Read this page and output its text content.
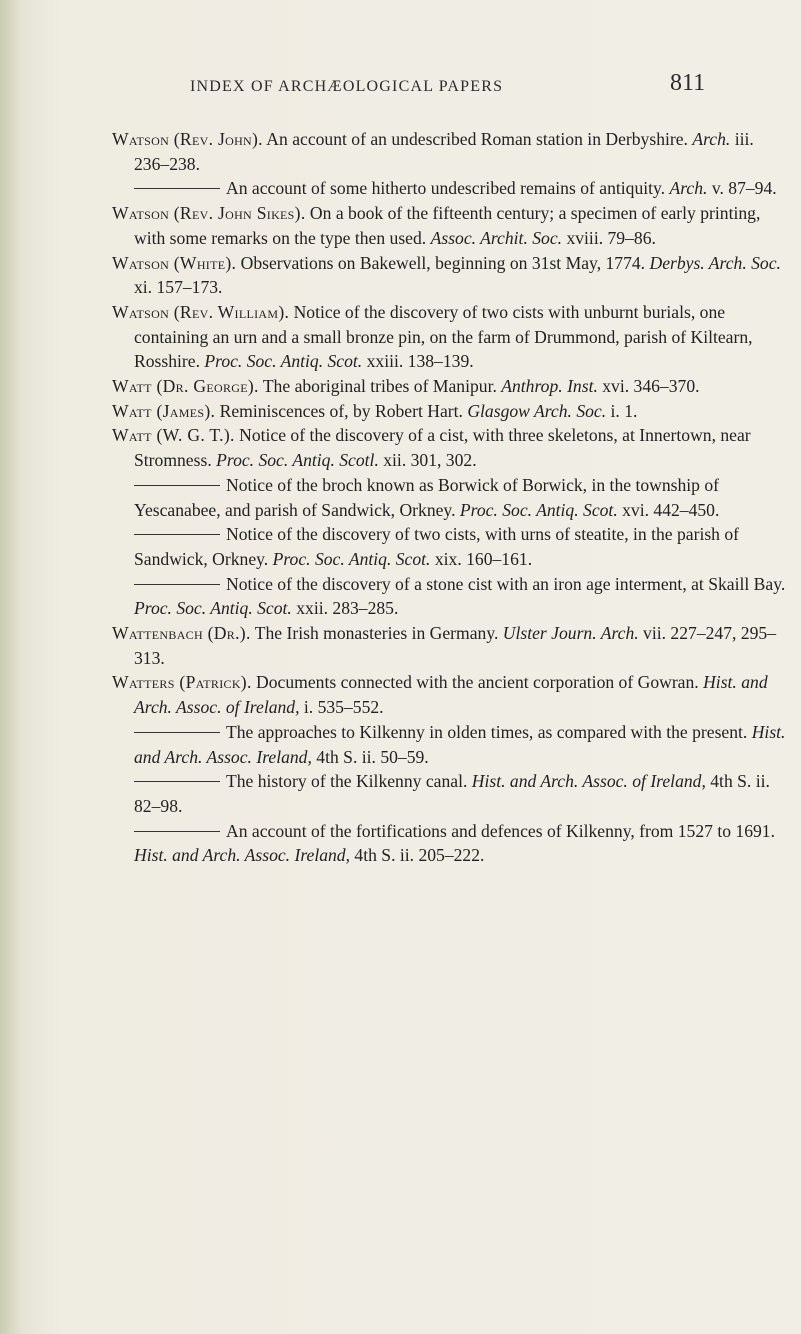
INDEX OF ARCHÆOLOGICAL PAPERS	811

Watson (Rev. John). An account of an undescribed Roman station in Derbyshire. Arch. iii. 236–238.

An account of some hitherto undescribed remains of antiquity. Arch. v. 87–94.

Watson (Rev. John Sikes). On a book of the fifteenth century; a specimen of early printing, with some remarks on the type then used. Assoc. Archit. Soc. xviii. 79–86.

Watson (White). Observations on Bakewell, beginning on 31st May, 1774. Derbys. Arch. Soc. xi. 157–173.

Watson (Rev. William). Notice of the discovery of two cists with unburnt burials, one containing an urn and a small bronze pin, on the farm of Drummond, parish of Kiltearn, Rosshire. Proc. Soc. Antiq. Scot. xxiii. 138–139.

Watt (Dr. George). The aboriginal tribes of Manipur. Anthrop. Inst. xvi. 346–370.

Watt (James). Reminiscences of, by Robert Hart. Glasgow Arch. Soc. i. 1.

Watt (W. G. T.). Notice of the discovery of a cist, with three skeletons, at Innertown, near Stromness. Proc. Soc. Antiq. Scotl. xii. 301, 302.

Notice of the broch known as Borwick of Borwick, in the township of Yescanabee, and parish of Sandwick, Orkney. Proc. Soc. Antiq. Scot. xvi. 442–450.

Notice of the discovery of two cists, with urns of steatite, in the parish of Sandwick, Orkney. Proc. Soc. Antiq. Scot. xix. 160–161.

Notice of the discovery of a stone cist with an iron age interment, at Skaill Bay. Proc. Soc. Antiq. Scot. xxii. 283–285.

Wattenbach (Dr.). The Irish monasteries in Germany. Ulster Journ. Arch. vii. 227–247, 295–313.

Watters (Patrick). Documents connected with the ancient corporation of Gowran. Hist. and Arch. Assoc. of Ireland, i. 535–552.

The approaches to Kilkenny in olden times, as compared with the present. Hist. and Arch. Assoc. Ireland, 4th S. ii. 50–59.

The history of the Kilkenny canal. Hist. and Arch. Assoc. of Ireland, 4th S. ii. 82–98.

An account of the fortifications and defences of Kilkenny, from 1527 to 1691. Hist. and Arch. Assoc. Ireland, 4th S. ii. 205–222.
